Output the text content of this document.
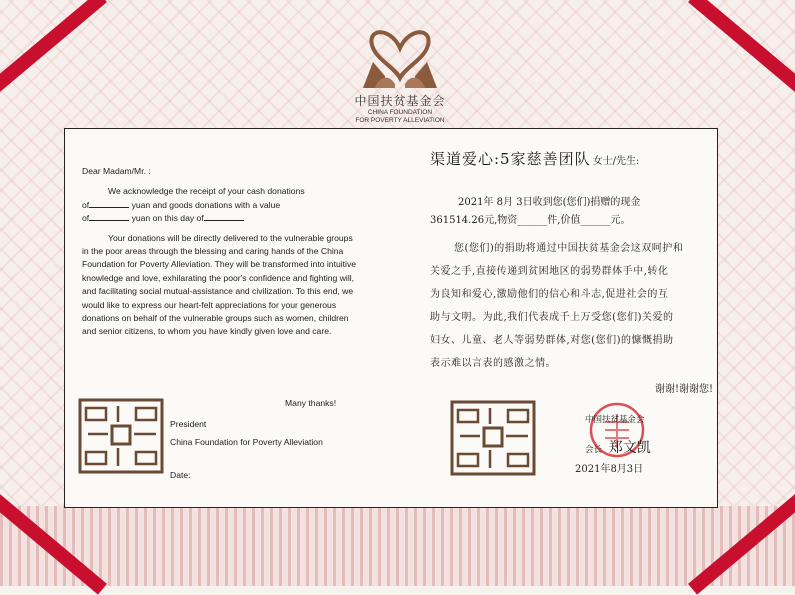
中国扶贫基金会
CHINA FOUNDATION
FOR POVERTY ALLEVIATION

Dear Madam/Mr. :

We acknowledge the receipt of your cash donations

of	yuan and goods donations with a value

of	yuan on this day of

Your donations will be directly delivered to the vulnerable groups in the poor areas through the blessing and caring hands of the China Foundation for Poverty Alleviation. They will be transformed into intuitive knowledge and love, exhilarating the poor's confidence and fighting will, and facilitating social mutual-assistance and civilization. To this end, we would like to express our heart-felt appreciations for your generous donations on behalf of the vulnerable groups such as women, children and senior citizens, to whom you have kindly given love and care.

Many thanks!
President
China Foundation for Poverty Alleviation
Date:
渠道爱心:5家慈善团队 女士/先生:
2021年 8月 3日收到您(您们)捐赠的现金
361514.26元,物资______件,价值______元。
您(您们)的捐助将通过中国扶贫基金会这双呵护和
关爱之手,直接传递到贫困地区的弱势群体手中,转化
为良知和爱心,激励他们的信心和斗志,促进社会的互
助与文明。为此,我们代表成千上万受您(您们)关爱的
妇女、儿童、老人等弱势群体,对您(您们)的慷慨捐助
表示难以言表的感激之情。
谢谢!谢谢您!
中国扶贫基金会
会长 郑文凯
2021年8月3日
